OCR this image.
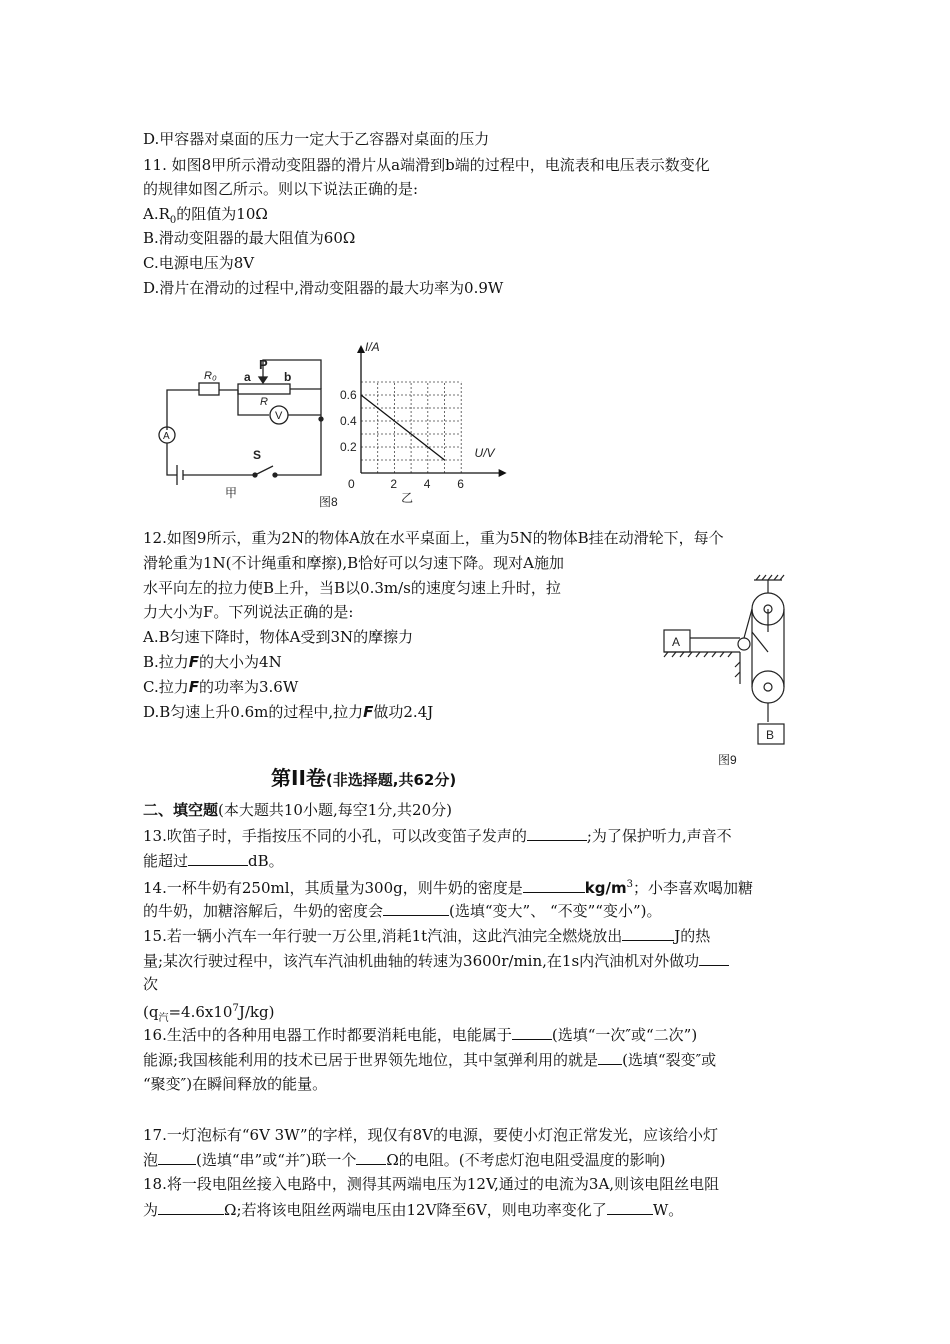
D.甲容器对桌面的压力一定大于乙容器对桌面的压力
11. 如图8甲所示滑动变阻器的滑片从a端滑到b端的过程中，电流表和电压表示数变化
的规律如图乙所示。则以下说法正确的是:
$A.R_0$的阻值为10Ω
B.滑动变阻器的最大阻值为60Ω
C.电源电压为8V
D.滑片在滑动的过程中,滑动变阻器的最大功率为0.9W
R₀
P
a	b
R
V
A
S
甲
图8
0.6
0.4
0.2
2 4 6
0
I/A
U/V
乙
12.如图9所示，重为2N的物体A放在水平桌面上，重为5N的物体B挂在动滑轮下，每个
滑轮重为1N(不计绳重和摩擦),B恰好可以匀速下降。现对A施加
水平向左的拉力使B上升，当B以0.3m/s的速度匀速上升时，拉
力大小为F。下列说法正确的是:
A.B匀速下降时，物体A受到3N的摩擦力
B.拉力F的大小为4N
C.拉力F的功率为3.6W
D.B匀速上升0.6m的过程中,拉力F做功2.4J
A
B
图9
第II卷(非选择题,共62分)
二、填空题(本大题共10小题,每空1分,共20分)
13.吹笛子时，手指按压不同的小孔，可以改变笛子发声的	;为了保护听力,声音不
能超过	dB。
14.一杯牛奶有250ml，其质量为300g，则牛奶的密度是	$kg/m^3$；小李喜欢喝加糖
的牛奶，加糖溶解后，牛奶的密度会	(选填“变大”、 “不变”“变小”)。
15.若一辆小汽车一年行驶一万公里,消耗1t汽油，这此汽油完全燃烧放出	J的热
量;某次行驶过程中，该汽车汽油机曲轴的转速为3600r/min,在1s内汽油机对外做功
次
$(q_汽=4.6x10^7J/kg)$
16.生活中的各种用电器工作时都要消耗电能，电能属于	(选填“一次″或“二次”)
能源;我国核能利用的技术已居于世界领先地位，其中氢弹利用的就是 (选填“裂变″或
“聚变″)在瞬间释放的能量。
17.一灯泡标有“6V 3W”的字样，现仅有8V的电源，要使小灯泡正常发光，应该给小灯
泡	(选填“串”或“并″)联一个 Ω的电阻。(不考虑灯泡电阻受温度的影响)
18.将一段电阻丝接入电路中，测得其两端电压为12V,通过的电流为3A,则该电阻丝电阻
为	Ω;若将该电阻丝两端电压由12V降至6V，则电功率变化了	W。
